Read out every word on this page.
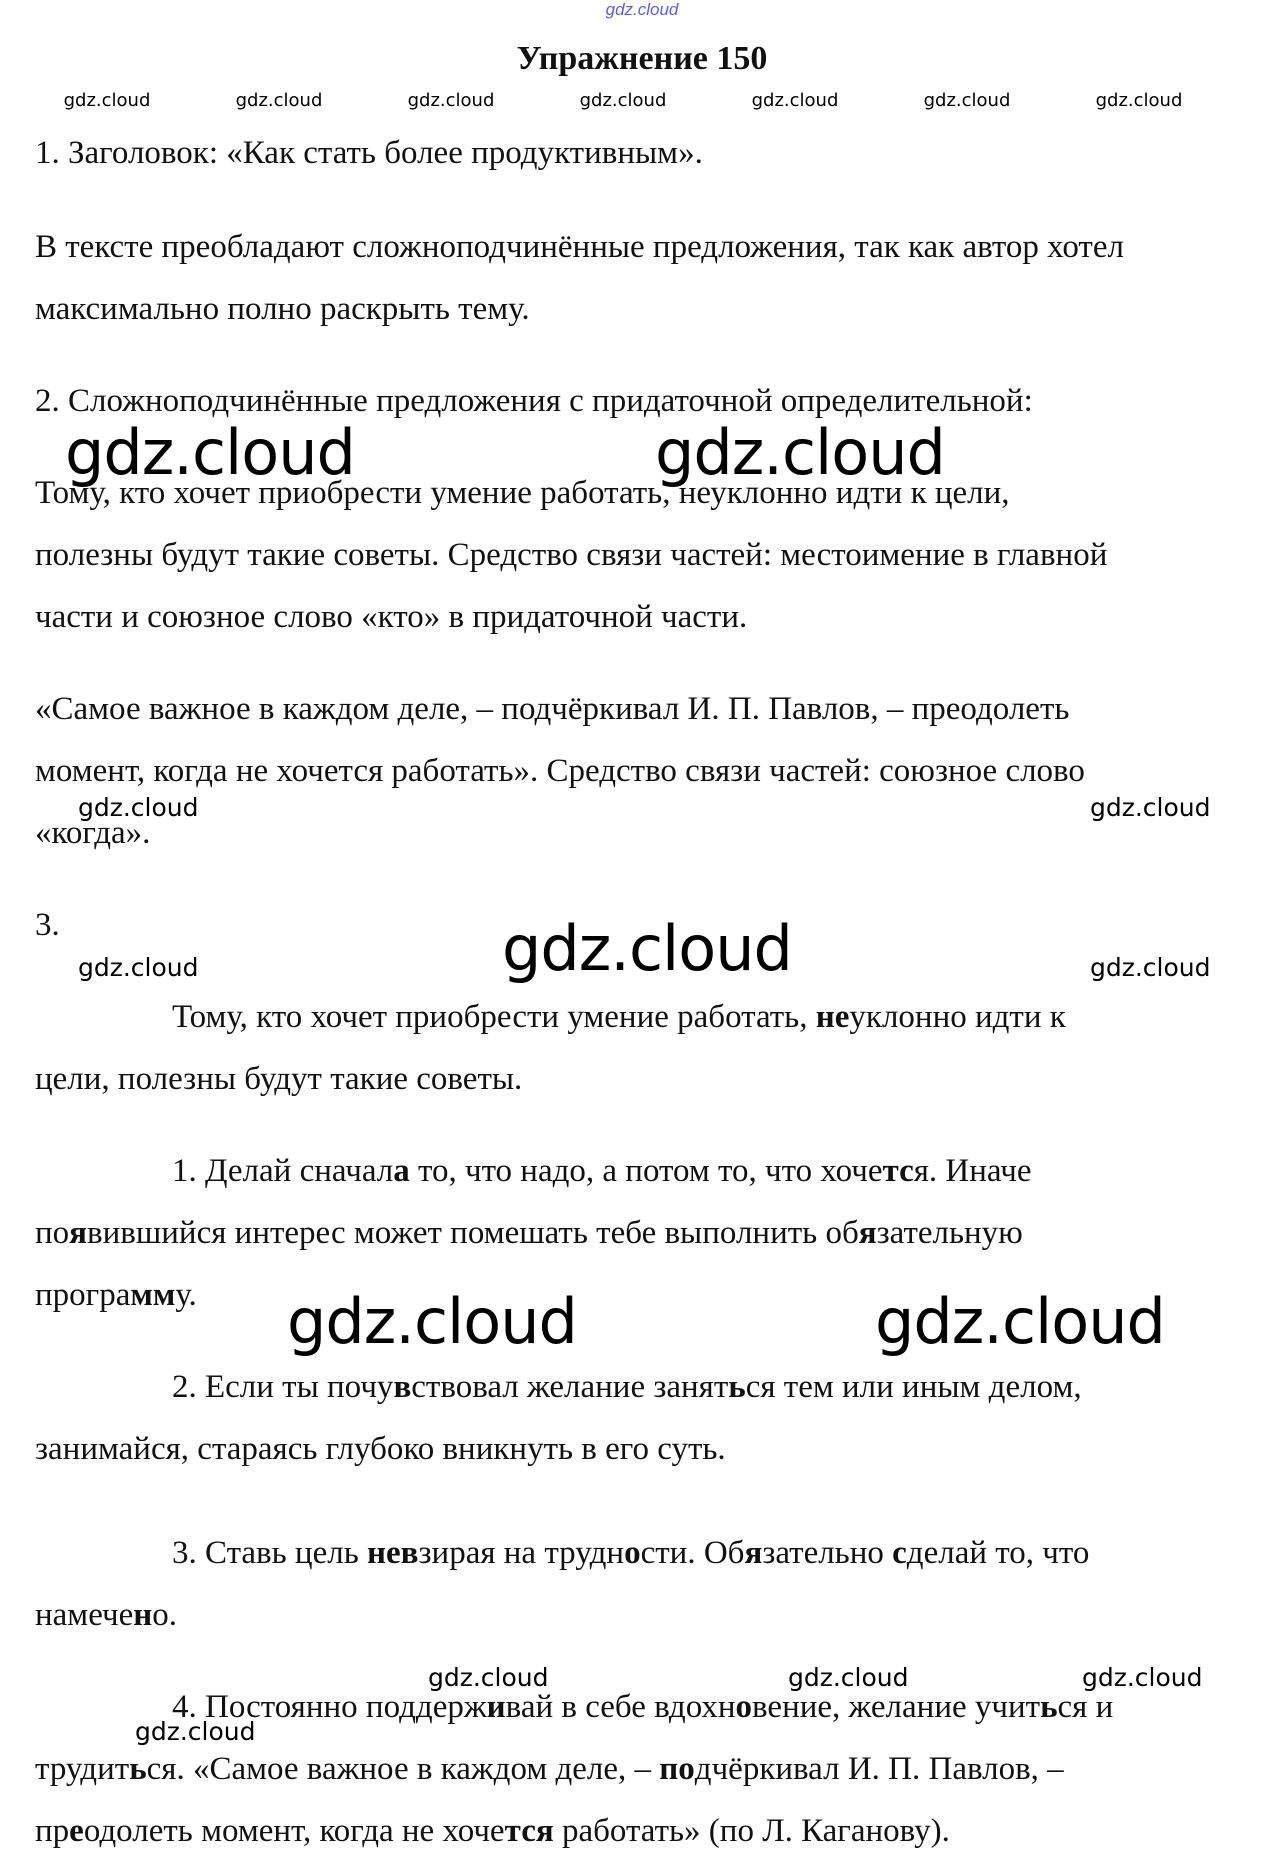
gdz.cloud
Упражнение 150
gdz.cloud	gdz.cloud	gdz.cloud	gdz.cloud	gdz.cloud	gdz.cloud	gdz.cloud
1. Заголовок: «Как стать более продуктивным».
В тексте преобладают сложноподчинённые предложения, так как автор хотел
максимально полно раскрыть тему.
2. Сложноподчинённые предложения с придаточной определительной:
Тому, кто хочет приобрести умение работать, неуклонно идти к цели,
полезны будут такие советы. Средство связи частей: местоимение в главной
части и союзное слово «кто» в придаточной части.
«Самое важное в каждом деле, – подчёркивал И. П. Павлов, – преодолеть
момент, когда не хочется работать». Средство связи частей: союзное слово
«когда».
3.
Тому, кто хочет приобрести умение работать, неуклонно идти к
цели, полезны будут такие советы.
1. Делай сначала то, что надо, а потом то, что хочется. Иначе
появившийся интерес может помешать тебе выполнить обязательную
программу.
2. Если ты почувствовал желание заняться тем или иным делом,
занимайся, стараясь глубоко вникнуть в его суть.
3. Ставь цель невзирая на трудности. Обязательно сделай то, что
намечено.
4. Постоянно поддерживай в себе вдохновение, желание учиться и
трудиться. «Самое важное в каждом деле, – подчёркивал И. П. Павлов, –
преодолеть момент, когда не хочется работать» (по Л. Каганову).
gdz.cloud	gdz.cloud
gdz.cloud	gdz.cloud
gdz.cloud
gdz.cloud	gdz.cloud
gdz.cloud	gdz.cloud
gdz.cloud	gdz.cloud	gdz.cloud
gdz.cloud
